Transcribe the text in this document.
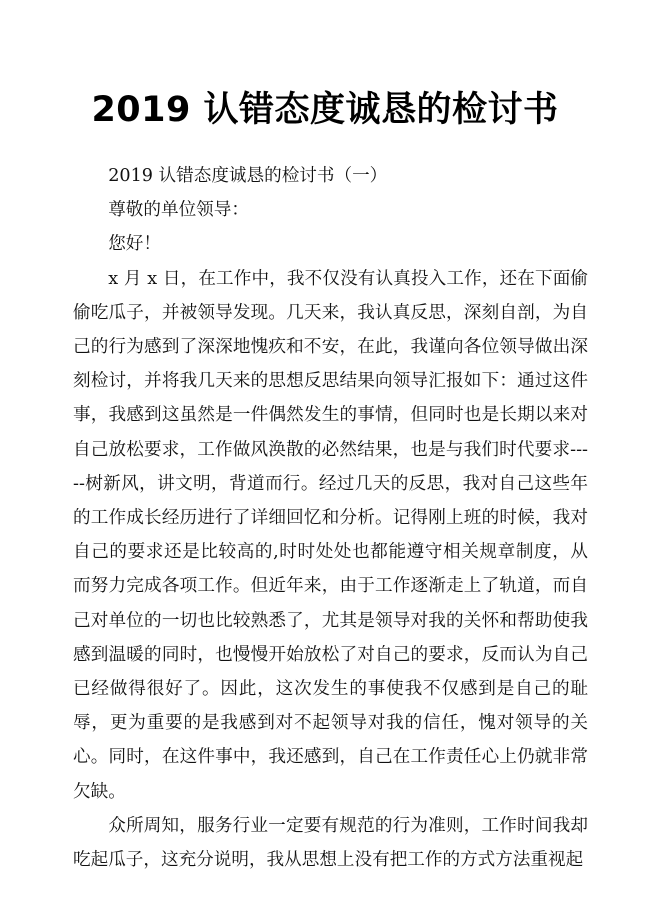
2019 认错态度诚恳的检讨书

2019 认错态度诚恳的检讨书（一）

尊敬的单位领导：

您好！

x 月 x 日，在工作中，我不仅没有认真投入工作，还在下面偷偷吃瓜子，并被领导发现。几天来，我认真反思，深刻自剖，为自己的行为感到了深深地愧疚和不安，在此，我谨向各位领导做出深刻检讨，并将我几天来的思想反思结果向领导汇报如下：通过这件事，我感到这虽然是一件偶然发生的事情，但同时也是长期以来对自己放松要求，工作做风涣散的必然结果，也是与我们时代要求-----树新风，讲文明，背道而行。经过几天的反思，我对自己这些年的工作成长经历进行了详细回忆和分析。记得刚上班的时候，我对自己的要求还是比较高的,时时处处也都能遵守相关规章制度，从而努力完成各项工作。但近年来，由于工作逐渐走上了轨道，而自己对单位的一切也比较熟悉了，尤其是领导对我的关怀和帮助使我感到温暖的同时，也慢慢开始放松了对自己的要求，反而认为自己已经做得很好了。因此，这次发生的事使我不仅感到是自己的耻辱，更为重要的是我感到对不起领导对我的信任，愧对领导的关心。同时，在这件事中，我还感到，自己在工作责任心上仍就非常欠缺。

众所周知，服务行业一定要有规范的行为准则，工作时间我却吃起瓜子，这充分说明，我从思想上没有把工作的方式方法重视起
